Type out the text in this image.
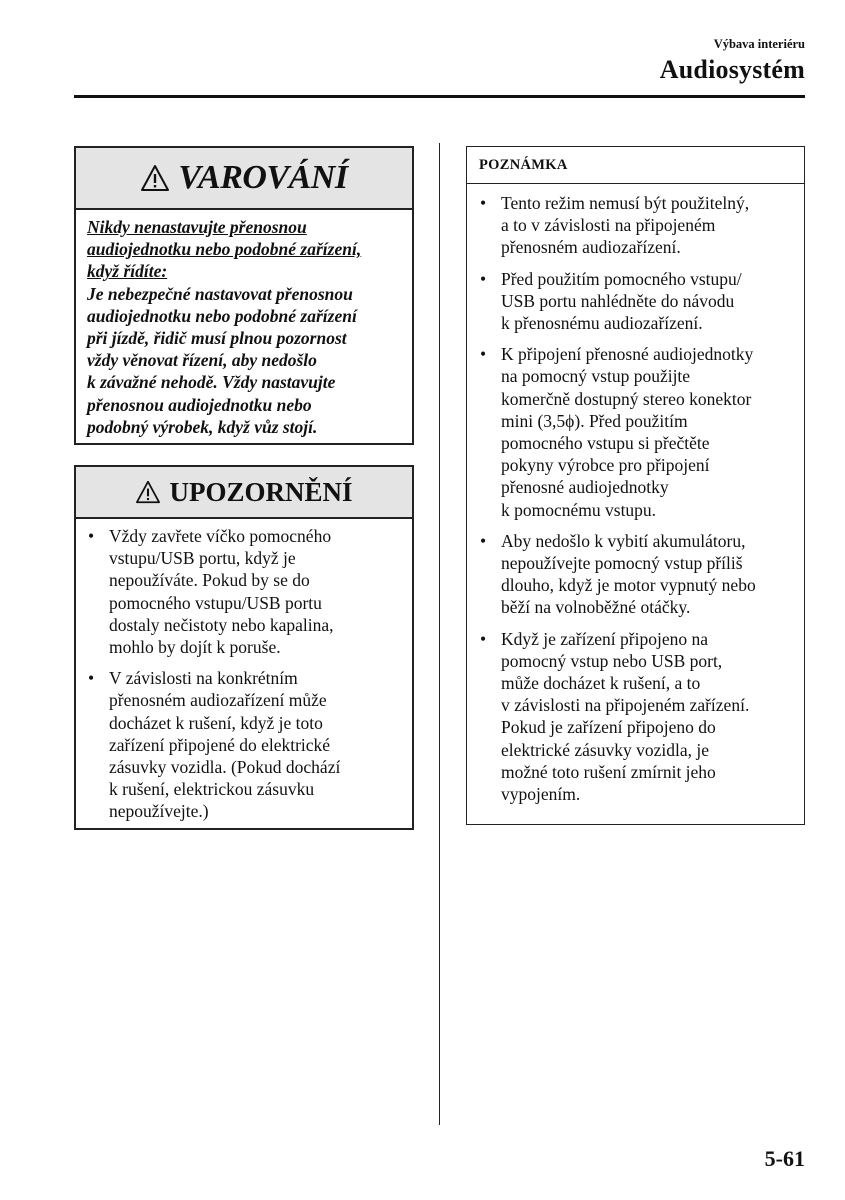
Výbava interiéru
Audiosystém
VAROVÁNÍ
Nikdy nenastavujte přenosnou
audiojednotku nebo podobné zařízení,
když řídíte:
Je nebezpečné nastavovat přenosnou
audiojednotku nebo podobné zařízení
při jízdě, řidič musí plnou pozornost
vždy věnovat řízení, aby nedošlo
k závažné nehodě. Vždy nastavujte
přenosnou audiojednotku nebo
podobný výrobek, když vůz stojí.
UPOZORNĚNÍ
• Vždy zavřete víčko pomocného
vstupu/USB portu, když je
nepoužíváte. Pokud by se do
pomocného vstupu/USB portu
dostaly nečistoty nebo kapalina,
mohlo by dojít k poruše.
• V závislosti na konkrétním
přenosném audiozařízení může
docházet k rušení, když je toto
zařízení připojené do elektrické
zásuvky vozidla. (Pokud dochází
k rušení, elektrickou zásuvku
nepoužívejte.)
POZNÁMKA
• Tento režim nemusí být použitelný,
a to v závislosti na připojeném
přenosném audiozařízení.
• Před použitím pomocného vstupu/
USB portu nahlédněte do návodu
k přenosnému audiozařízení.
• K připojení přenosné audiojednotky
na pomocný vstup použijte
komerčně dostupný stereo konektor
mini (3,5ϕ). Před použitím
pomocného vstupu si přečtěte
pokyny výrobce pro připojení
přenosné audiojednotky
k pomocnému vstupu.
• Aby nedošlo k vybití akumulátoru,
nepoužívejte pomocný vstup příliš
dlouho, když je motor vypnutý nebo
běží na volnoběžné otáčky.
• Když je zařízení připojeno na
pomocný vstup nebo USB port,
může docházet k rušení, a to
v závislosti na připojeném zařízení.
Pokud je zařízení připojeno do
elektrické zásuvky vozidla, je
možné toto rušení zmírnit jeho
vypojením.
5-61
